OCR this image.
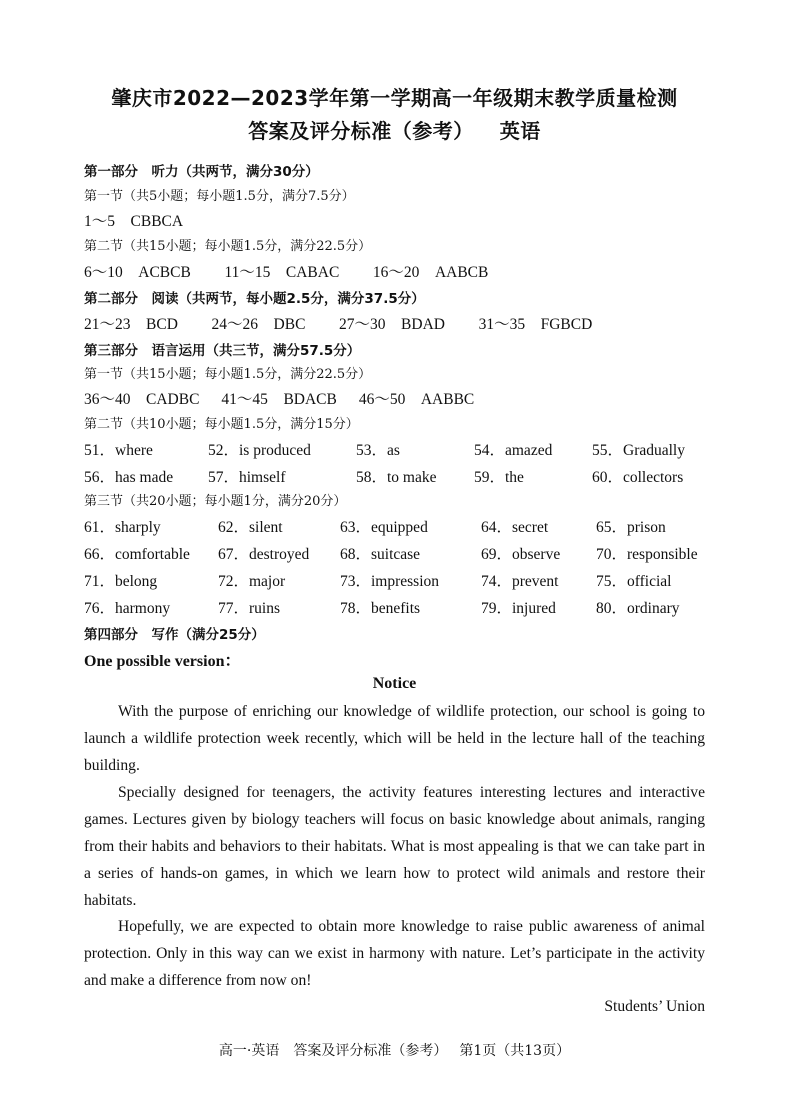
肇庆市2022—2023学年第一学期高一年级期末教学质量检测
答案及评分标准（参考） 英语
第一部分　听力（共两节，满分30分）
第一节（共5小题；每小题1.5分，满分7.5分）
1～5 CBBCA
第二节（共15小题；每小题1.5分，满分22.5分）
6～10 ACBCB 11～15 CABAC 16～20 AABCB
第二部分　阅读（共两节，每小题2.5分，满分37.5分）
21～23 BCD 24～26 DBC 27～30 BDAD 31～35 FGBCD
第三部分　语言运用（共三节，满分57.5分）
第一节（共15小题；每小题1.5分，满分22.5分）
36～40 CADBC 41～45 BDACB 46～50 AABBC
第二节（共10小题；每小题1.5分，满分15分）
51．where	52．is produced	53．as	54．amazed	55．Gradually
56．has made 57．himself	58．to make 59．the	60．collectors
第三节（共20小题；每小题1分，满分20分）
61．sharply	62．silent	63．equipped	64．secret	65．prison
66．comfortable 67．destroyed 68．suitcase	69．observe 70．responsible
71．belong	72．major	73．impression	74．prevent 75．official
76．harmony	77．ruins	78．benefits	79．injured	80．ordinary
第四部分　写作（满分25分）
One possible version：
Notice
With the purpose of enriching our knowledge of wildlife protection, our school is going to launch a wildlife protection week recently, which will be held in the lecture hall of the teaching building.
Specially designed for teenagers, the activity features interesting lectures and interactive games. Lectures given by biology teachers will focus on basic knowledge about animals, ranging from their habits and behaviors to their habitats. What is most appealing is that we can take part in a series of hands-on games, in which we learn how to protect wild animals and restore their habitats.
Hopefully, we are expected to obtain more knowledge to raise public awareness of animal protection. Only in this way can we exist in harmony with nature. Let’s participate in the activity and make a difference from now on!
Students’ Union
高一·英语　答案及评分标准（参考） 第1页（共13页）
